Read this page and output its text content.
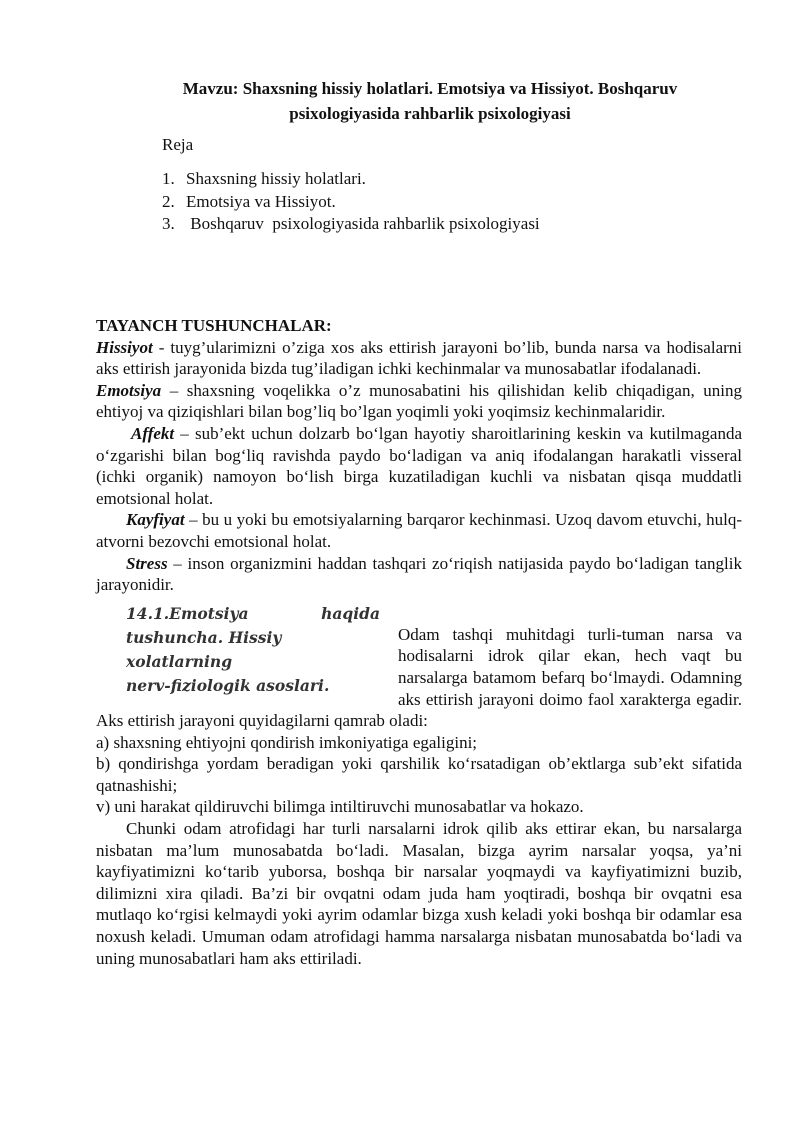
Mavzu: Shaxsning hissiy holatlari. Emotsiya va Hissiyot. Boshqaruv
psixologiyasida rahbarlik psixologiyasi
Reja
1. Shaxsning hissiy holatlari.
2. Emotsiya va Hissiyot.
3. Boshqaruv  psixologiyasida rahbarlik psixologiyasi

TAYANCH TUSHUNCHALAR:

Hissiyot - tuyg’ularimizni o’ziga xos aks ettirish jarayoni bo’lib, bunda narsa va hodisalarni aks ettirish jarayonida bizda tug’iladigan ichki kechinmalar va munosabatlar ifodalanadi.

Emotsiya – shaxsning voqelikka o’z munosabatini his qilishidan kelib chiqadigan, uning ehtiyoj va qiziqishlari bilan bog’liq bo’lgan yoqimli yoki yoqimsiz kechinmalaridir.

Affekt – sub’ekt uchun dolzarb bo‘lgan hayotiy sharoitlarining keskin va kutilmaganda o‘zgarishi bilan bog‘liq ravishda paydo bo‘ladigan va aniq ifodalangan harakatli visseral (ichki organik) namoyon bo‘lish birga kuzatiladigan kuchli va nisbatan qisqa muddatli emotsional holat.

Kayfiyat – bu u yoki bu emotsiyalarning barqaror kechinmasi. Uzoq davom etuvchi, hulq-atvorni bezovchi emotsional holat.

Stress – inson organizmini haddan tashqari zo‘riqish natijasida paydo bo‘ladigan tanglik jarayonidir.

14.1.Emotsiya	haqida
tushuncha. Hissiy xolatlarning
nerv-fiziologik asoslari.

Odam tashqi muhitdagi turli-tuman narsa va hodisalarni idrok qilar ekan, hech vaqt bu narsalarga batamom befarq bo‘lmaydi. Odamning aks ettirish jarayoni doimo faol xarakterga egadir. Aks ettirish jarayoni quyidagilarni qamrab oladi:

a) shaxsning ehtiyojni qondirish imkoniyatiga egaligini;

b) qondirishga yordam beradigan yoki qarshilik ko‘rsatadigan ob’ektlarga sub’ekt sifatida qatnashishi;

v) uni harakat qildiruvchi bilimga intiltiruvchi munosabatlar va hokazo.

Chunki odam atrofidagi har turli narsalarni idrok qilib aks ettirar ekan, bu narsalarga nisbatan ma’lum munosabatda bo‘ladi. Masalan, bizga ayrim narsalar yoqsa, ya’ni kayfiyatimizni ko‘tarib yuborsa, boshqa bir narsalar yoqmaydi va kayfiyatimizni buzib, dilimizni xira qiladi. Ba’zi bir ovqatni odam juda ham yoqtiradi, boshqa bir ovqatni esa mutlaqo ko‘rgisi kelmaydi yoki ayrim odamlar bizga xush keladi yoki boshqa bir odamlar esa noxush keladi. Umuman odam atrofidagi hamma narsalarga nisbatan munosabatda bo‘ladi va uning munosabatlari ham aks ettiriladi.
